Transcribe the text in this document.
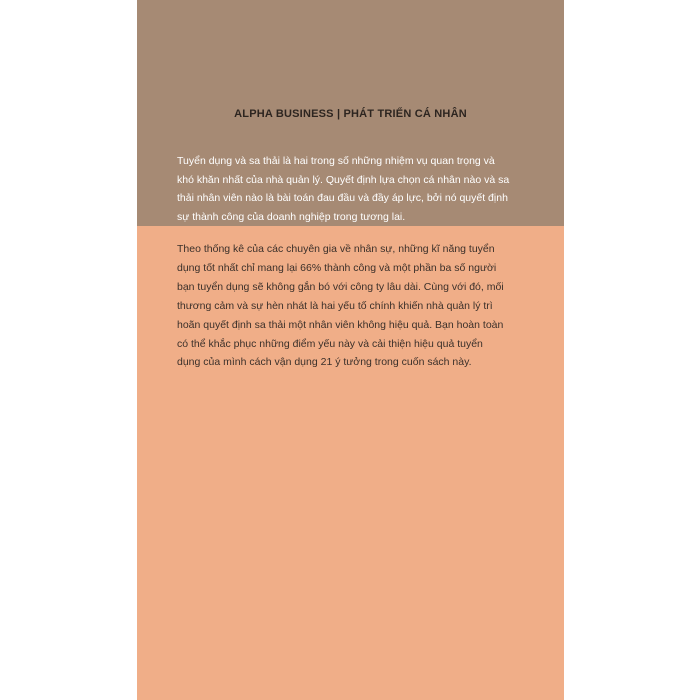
ALPHA BUSINESS | PHÁT TRIỂN CÁ NHÂN

Tuyển dụng và sa thải là hai trong số những nhiệm vụ quan trọng và
khó khăn nhất của nhà quản lý. Quyết định lựa chọn cá nhân nào và sa
thải nhân viên nào là bài toán đau đầu và đầy áp lực, bởi nó quyết định
sự thành công của doanh nghiệp trong tương lai.

Theo thống kê của các chuyên gia về nhân sự, những kĩ năng tuyển
dụng tốt nhất chỉ mang lại 66% thành công và một phần ba số người
bạn tuyển dụng sẽ không gắn bó với công ty lâu dài. Cùng với đó, mối
thương cảm và sự hèn nhát là hai yếu tố chính khiến nhà quản lý trì
hoãn quyết định sa thải một nhân viên không hiệu quả. Bạn hoàn toàn
có thể khắc phục những điểm yếu này và cải thiện hiệu quả tuyển
dụng của mình cách vận dụng 21 ý tưởng trong cuốn sách này.
